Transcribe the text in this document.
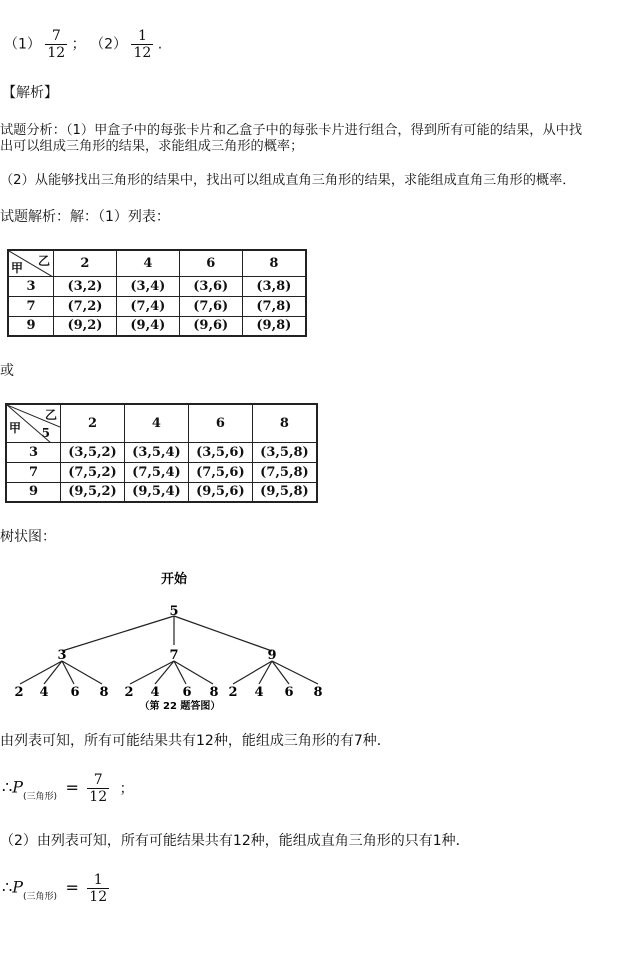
$(1) \frac{7}{12}$ ； $(2) \frac{1}{12}$ .
【解析】
试题分析：（1）甲盒子中的每张卡片和乙盒子中的每张卡片进行组合，得到所有可能的结果，从中找
出可以组成三角形的结果，求能组成三角形的概率；
（2）从能够找出三角形的结果中，找出可以组成直角三角形的结果，求能组成直角三角形的概率．
试题解析：解：（1）列表：
乙
甲	2	4	6	8
3	(3,2)	(3,4)	(3,6)	(3,8)
7	(7,2)	(7,4)	(7,6)	(7,8)
9	(9,2)	(9,4)	(9,6)	(9,8)
或
乙
5
甲	2	4	6	8
3	(3,5,2)	(3,5,4)	(3,5,6)	(3,5,8)
7	(7,5,2)	(7,5,4)	(7,5,6)	(7,5,8)
9	(9,5,2)	(9,5,4)	(9,5,6)	(9,5,8)
树状图：
开始
5
3	7	9
2 4 6 8 2 4 6 8 2 4 6 8
（第 22 题答图）
由列表可知，所有可能结果共有12种，能组成三角形的有7种．
$\therefore P_{(三角形)} = \frac{7}{12}$ ；
（2）由列表可知，所有可能结果共有12种，能组成直角三角形的只有1种．
$\therefore P_{(三角形)} = \frac{1}{12}$
